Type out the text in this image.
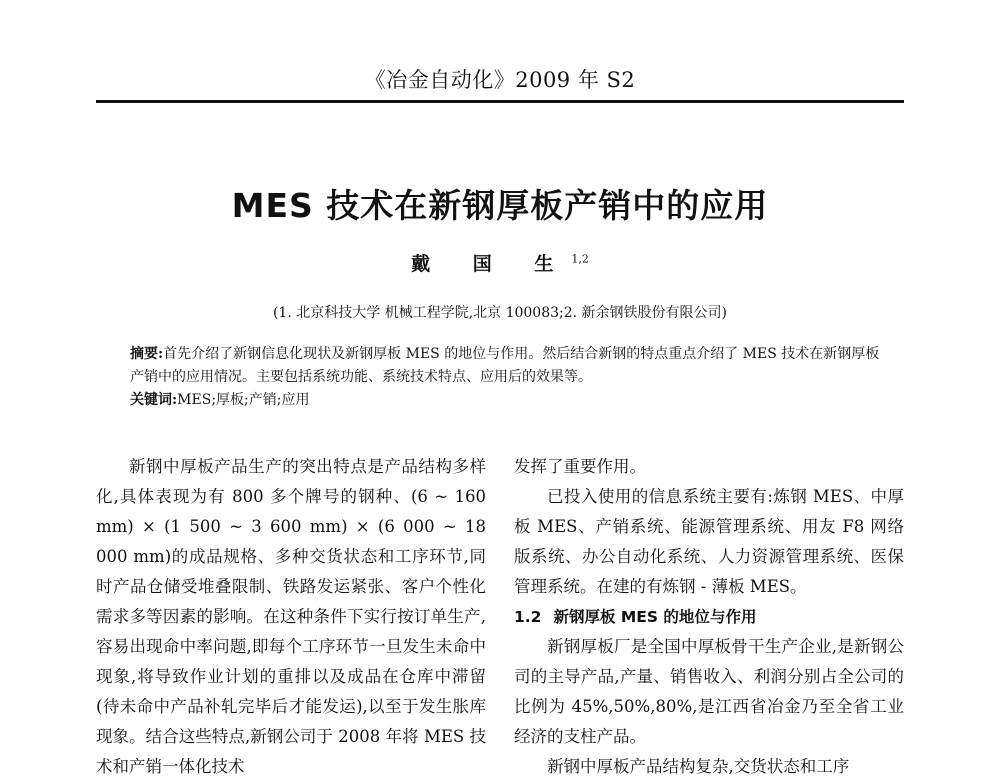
《冶金自动化》2009 年 S2
MES 技术在新钢厚板产销中的应用
戴 国 生$^{1,2}$
(1. 北京科技大学 机械工程学院,北京 100083;2. 新余钢铁股份有限公司)

摘要:首先介绍了新钢信息化现状及新钢厚板 MES 的地位与作用。然后结合新钢的特点重点介绍了 MES 技术在新钢厚板产销中的应用情况。主要包括系统功能、系统技术特点、应用后的效果等。

关键词:MES;厚板;产销;应用

新钢中厚板产品生产的突出特点是产品结构多样化,具体表现为有 800 多个牌号的钢种、(6 ~ 160 mm) × (1 500 ~ 3 600 mm) × (6 000 ~ 18 000 mm)的成品规格、多种交货状态和工序环节,同时产品仓储受堆叠限制、铁路发运紧张、客户个性化需求多等因素的影响。在这种条件下实行按订单生产,容易出现命中率问题,即每个工序环节一旦发生未命中现象,将导致作业计划的重排以及成品在仓库中滞留(待未命中产品补轧完毕后才能发运),以至于发生胀库现象。结合这些特点,新钢公司于 2008 年将 MES 技术和产销一体化技术

发挥了重要作用。

已投入使用的信息系统主要有:炼钢 MES、中厚板 MES、产销系统、能源管理系统、用友 F8 网络版系统、办公自动化系统、人力资源管理系统、医保管理系统。在建的有炼钢 - 薄板 MES。

1.2 新钢厚板 MES 的地位与作用

新钢厚板厂是全国中厚板骨干生产企业,是新钢公司的主导产品,产量、销售收入、利润分别占全公司的比例为 45%,50%,80%,是江西省冶金乃至全省工业经济的支柱产品。

新钢中厚板产品结构复杂,交货状态和工序
